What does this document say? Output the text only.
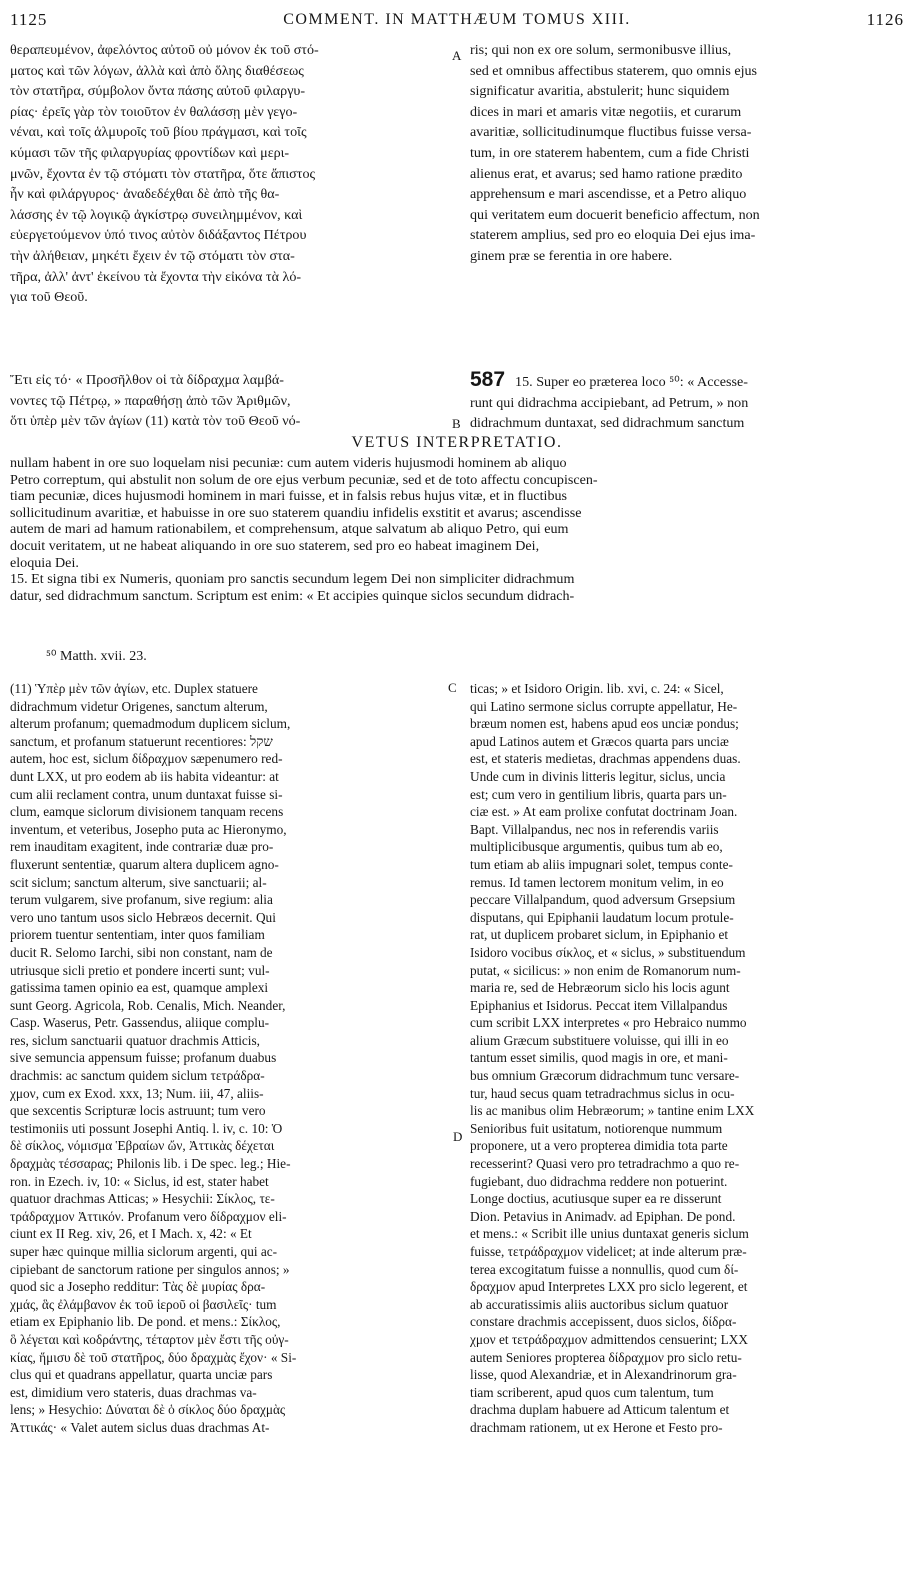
1125	COMMENT. IN MATTHÆUM TOMUS XIII.	1126
A
B
C
D

θεραπευμένον, ἀφελόντος αὐτοῦ οὐ μόνον ἐκ τοῦ στό-
ματος καὶ τῶν λόγων, ἀλλὰ καὶ ἀπὸ ὅλης διαθέσεως
τὸν στατῆρα, σύμβολον ὄντα πάσης αὐτοῦ φιλαργυ-
ρίας· ἐρεῖς γὰρ τὸν τοιοῦτον ἐν θαλάσσῃ μὲν γεγο-
νέναι, καὶ τοῖς ἁλμυροῖς τοῦ βίου πράγμασι, καὶ τοῖς
κύμασι τῶν τῆς φιλαργυρίας φροντίδων καὶ μερι-
μνῶν, ἔχοντα ἐν τῷ στόματι τὸν στατῆρα, ὅτε ἄπιστος
ἦν καὶ φιλάργυρος· ἀναδεδέχθαι δὲ ἀπὸ τῆς θα-
λάσσης ἐν τῷ λογικῷ ἀγκίστρῳ συνειλημμένον, καὶ
εὐεργετούμενον ὑπό τινος αὐτὸν διδάξαντος Πέτρου
τὴν ἀλήθειαν, μηκέτι ἔχειν ἐν τῷ στόματι τὸν στα-
τῆρα, ἀλλ' ἀντ' ἐκείνου τὰ ἔχοντα τὴν εἰκόνα τὰ λό-
για τοῦ Θεοῦ.

ris; qui non ex ore solum, sermonibusve illius,
sed et omnibus affectibus staterem, quo omnis ejus
significatur avaritia, abstulerit; hunc siquidem
dices in mari et amaris vitæ negotiis, et curarum
avaritiæ, sollicitudinumque fluctibus fuisse versa-
tum, in ore staterem habentem, cum a fide Christi
alienus erat, et avarus; sed hamo ratione prædito
apprehensum e mari ascendisse, et a Petro aliquo
qui veritatem eum docuerit beneficio affectum, non
staterem amplius, sed pro eo eloquia Dei ejus ima-
ginem præ se ferentia in ore habere.

Ἔτι εἰς τό· « Προσῆλθον οἱ τὰ δίδραχμα λαμβά-
νοντες τῷ Πέτρῳ, » παραθήσῃ ἀπὸ τῶν Ἀριθμῶν,
ὅτι ὑπὲρ μὲν τῶν ἁγίων (11) κατὰ τὸν τοῦ Θεοῦ νό-

587 15. Super eo præterea loco ⁵⁰: « Accesse-
runt qui didrachma accipiebant, ad Petrum, » non
didrachmum duntaxat, sed didrachmum sanctum

VETUS INTERPRETATIO.

nullam habent in ore suo loquelam nisi pecuniæ: cum autem videris hujusmodi hominem ab aliquo
Petro correptum, qui abstulit non solum de ore ejus verbum pecuniæ, sed et de toto affectu concupiscen-
tiam pecuniæ, dices hujusmodi hominem in mari fuisse, et in falsis rebus hujus vitæ, et in fluctibus
sollicitudinum avaritiæ, et habuisse in ore suo staterem quandiu infidelis exstitit et avarus; ascendisse
autem de mari ad hamum rationabilem, et comprehensum, atque salvatum ab aliquo Petro, qui eum
docuit veritatem, ut ne habeat aliquando in ore suo staterem, sed pro eo habeat imaginem Dei,
eloquia Dei.
15. Et signa tibi ex Numeris, quoniam pro sanctis secundum legem Dei non simpliciter didrachmum
datur, sed didrachmum sanctum. Scriptum est enim: « Et accipies quinque siclos secundum didrach-

⁵⁰ Matth. xvii. 23.

(11) Ὑπὲρ μὲν τῶν ἁγίων, etc. Duplex statuere
didrachmum videtur Origenes, sanctum alterum,
alterum profanum; quemadmodum duplicem siclum,
sanctum, et profanum statuerunt recentiores: שקל
autem, hoc est, siclum δίδραχμον sæpenumero red-
dunt LXX, ut pro eodem ab iis habita videantur: at
cum alii reclament contra, unum duntaxat fuisse si-
clum, eamque siclorum divisionem tanquam recens
inventum, et veteribus, Josepho puta ac Hieronymo,
rem inauditam exagitent, inde contrariæ duæ pro-
fluxerunt sententiæ, quarum altera duplicem agno-
scit siclum; sanctum alterum, sive sanctuarii; al-
terum vulgarem, sive profanum, sive regium: alia
vero uno tantum usos siclo Hebræos decernit. Qui
priorem tuentur sententiam, inter quos familiam
ducit R. Selomo Iarchi, sibi non constant, nam de
utriusque sicli pretio et pondere incerti sunt; vul-
gatissima tamen opinio ea est, quamque amplexi
sunt Georg. Agricola, Rob. Cenalis, Mich. Neander,
Casp. Waserus, Petr. Gassendus, aliique complu-
res, siclum sanctuarii quatuor drachmis Atticis,
sive semuncia appensum fuisse; profanum duabus
drachmis: ac sanctum quidem siclum τετράδρα-
χμον, cum ex Exod. xxx, 13; Num. iii, 47, aliis-
que sexcentis Scripturæ locis astruunt; tum vero
testimoniis uti possunt Josephi Antiq. l. iv, c. 10: Ὁ
δὲ σίκλος, νόμισμα Ἑβραίων ὤν, Ἀττικὰς δέχεται
δραχμὰς τέσσαρας; Philonis lib. i De spec. leg.; Hie-
ron. in Ezech. iv, 10: « Siclus, id est, stater habet
quatuor drachmas Atticas; » Hesychii: Σίκλος, τε-
τράδραχμον Ἀττικόν. Profanum vero δίδραχμον eli-
ciunt ex II Reg. xiv, 26, et I Mach. x, 42: « Et
super hæc quinque millia siclorum argenti, qui ac-
cipiebant de sanctorum ratione per singulos annos; »
quod sic a Josepho redditur: Τὰς δὲ μυρίας δρα-
χμάς, ἃς ἐλάμβανον ἐκ τοῦ ἱεροῦ οἱ βασιλεῖς· tum
etiam ex Epiphanio lib. De pond. et mens.: Σίκλος,
ὃ λέγεται καὶ κοδράντης, τέταρτον μὲν ἔστι τῆς οὐγ-
κίας, ἥμισυ δὲ τοῦ στατῆρος, δύο δραχμὰς ἔχον· « Si-
clus qui et quadrans appellatur, quarta unciæ pars
est, dimidium vero stateris, duas drachmas va-
lens; » Hesychio: Δύναται δὲ ὁ σίκλος δύο δραχμὰς
Ἀττικάς· « Valet autem siclus duas drachmas At-

ticas; » et Isidoro Origin. lib. xvi, c. 24: « Sicel,
qui Latino sermone siclus corrupte appellatur, He-
bræum nomen est, habens apud eos unciæ pondus;
apud Latinos autem et Græcos quarta pars unciæ
est, et stateris medietas, drachmas appendens duas.
Unde cum in divinis litteris legitur, siclus, uncia
est; cum vero in gentilium libris, quarta pars un-
ciæ est. » At eam prolixe confutat doctrinam Joan.
Bapt. Villalpandus, nec nos in referendis variis
multiplicibusque argumentis, quibus tum ab eo,
tum etiam ab aliis impugnari solet, tempus conte-
remus. Id tamen lectorem monitum velim, in eo
peccare Villalpandum, quod adversum Grsepsium
disputans, qui Epiphanii laudatum locum protule-
rat, ut duplicem probaret siclum, in Epiphanio et
Isidoro vocibus σίκλος, et « siclus, » substituendum
putat, « sicilicus: » non enim de Romanorum num-
maria re, sed de Hebræorum siclo his locis agunt
Epiphanius et Isidorus. Peccat item Villalpandus
cum scribit LXX interpretes « pro Hebraico nummo
alium Græcum substituere voluisse, qui illi in eo
tantum esset similis, quod magis in ore, et mani-
bus omnium Græcorum didrachmum tunc versare-
tur, haud secus quam tetradrachmus siclus in ocu-
lis ac manibus olim Hebræorum; » tantine enim LXX
Senioribus fuit usitatum, notiorenque nummum
proponere, ut a vero propterea dimidia tota parte
recesserint? Quasi vero pro tetradrachmo a quo re-
fugiebant, duo didrachma reddere non potuerint.
Longe doctius, acutiusque super ea re disserunt
Dion. Petavius in Animadv. ad Epiphan. De pond.
et mens.: « Scribit ille unius duntaxat generis siclum
fuisse, τετράδραχμον videlicet; at inde alterum præ-
terea excogitatum fuisse a nonnullis, quod cum δί-
δραχμον apud Interpretes LXX pro siclo legerent, et
ab accuratissimis aliis auctoribus siclum quatuor
constare drachmis accepissent, duos siclos, δίδρα-
χμον et τετράδραχμον admittendos censuerint; LXX
autem Seniores propterea δίδραχμον pro siclo retu-
lisse, quod Alexandriæ, et in Alexandrinorum gra-
tiam scriberent, apud quos cum talentum, tum
drachma duplam habuere ad Atticum talentum et
drachmam rationem, ut ex Herone et Festo pro-
